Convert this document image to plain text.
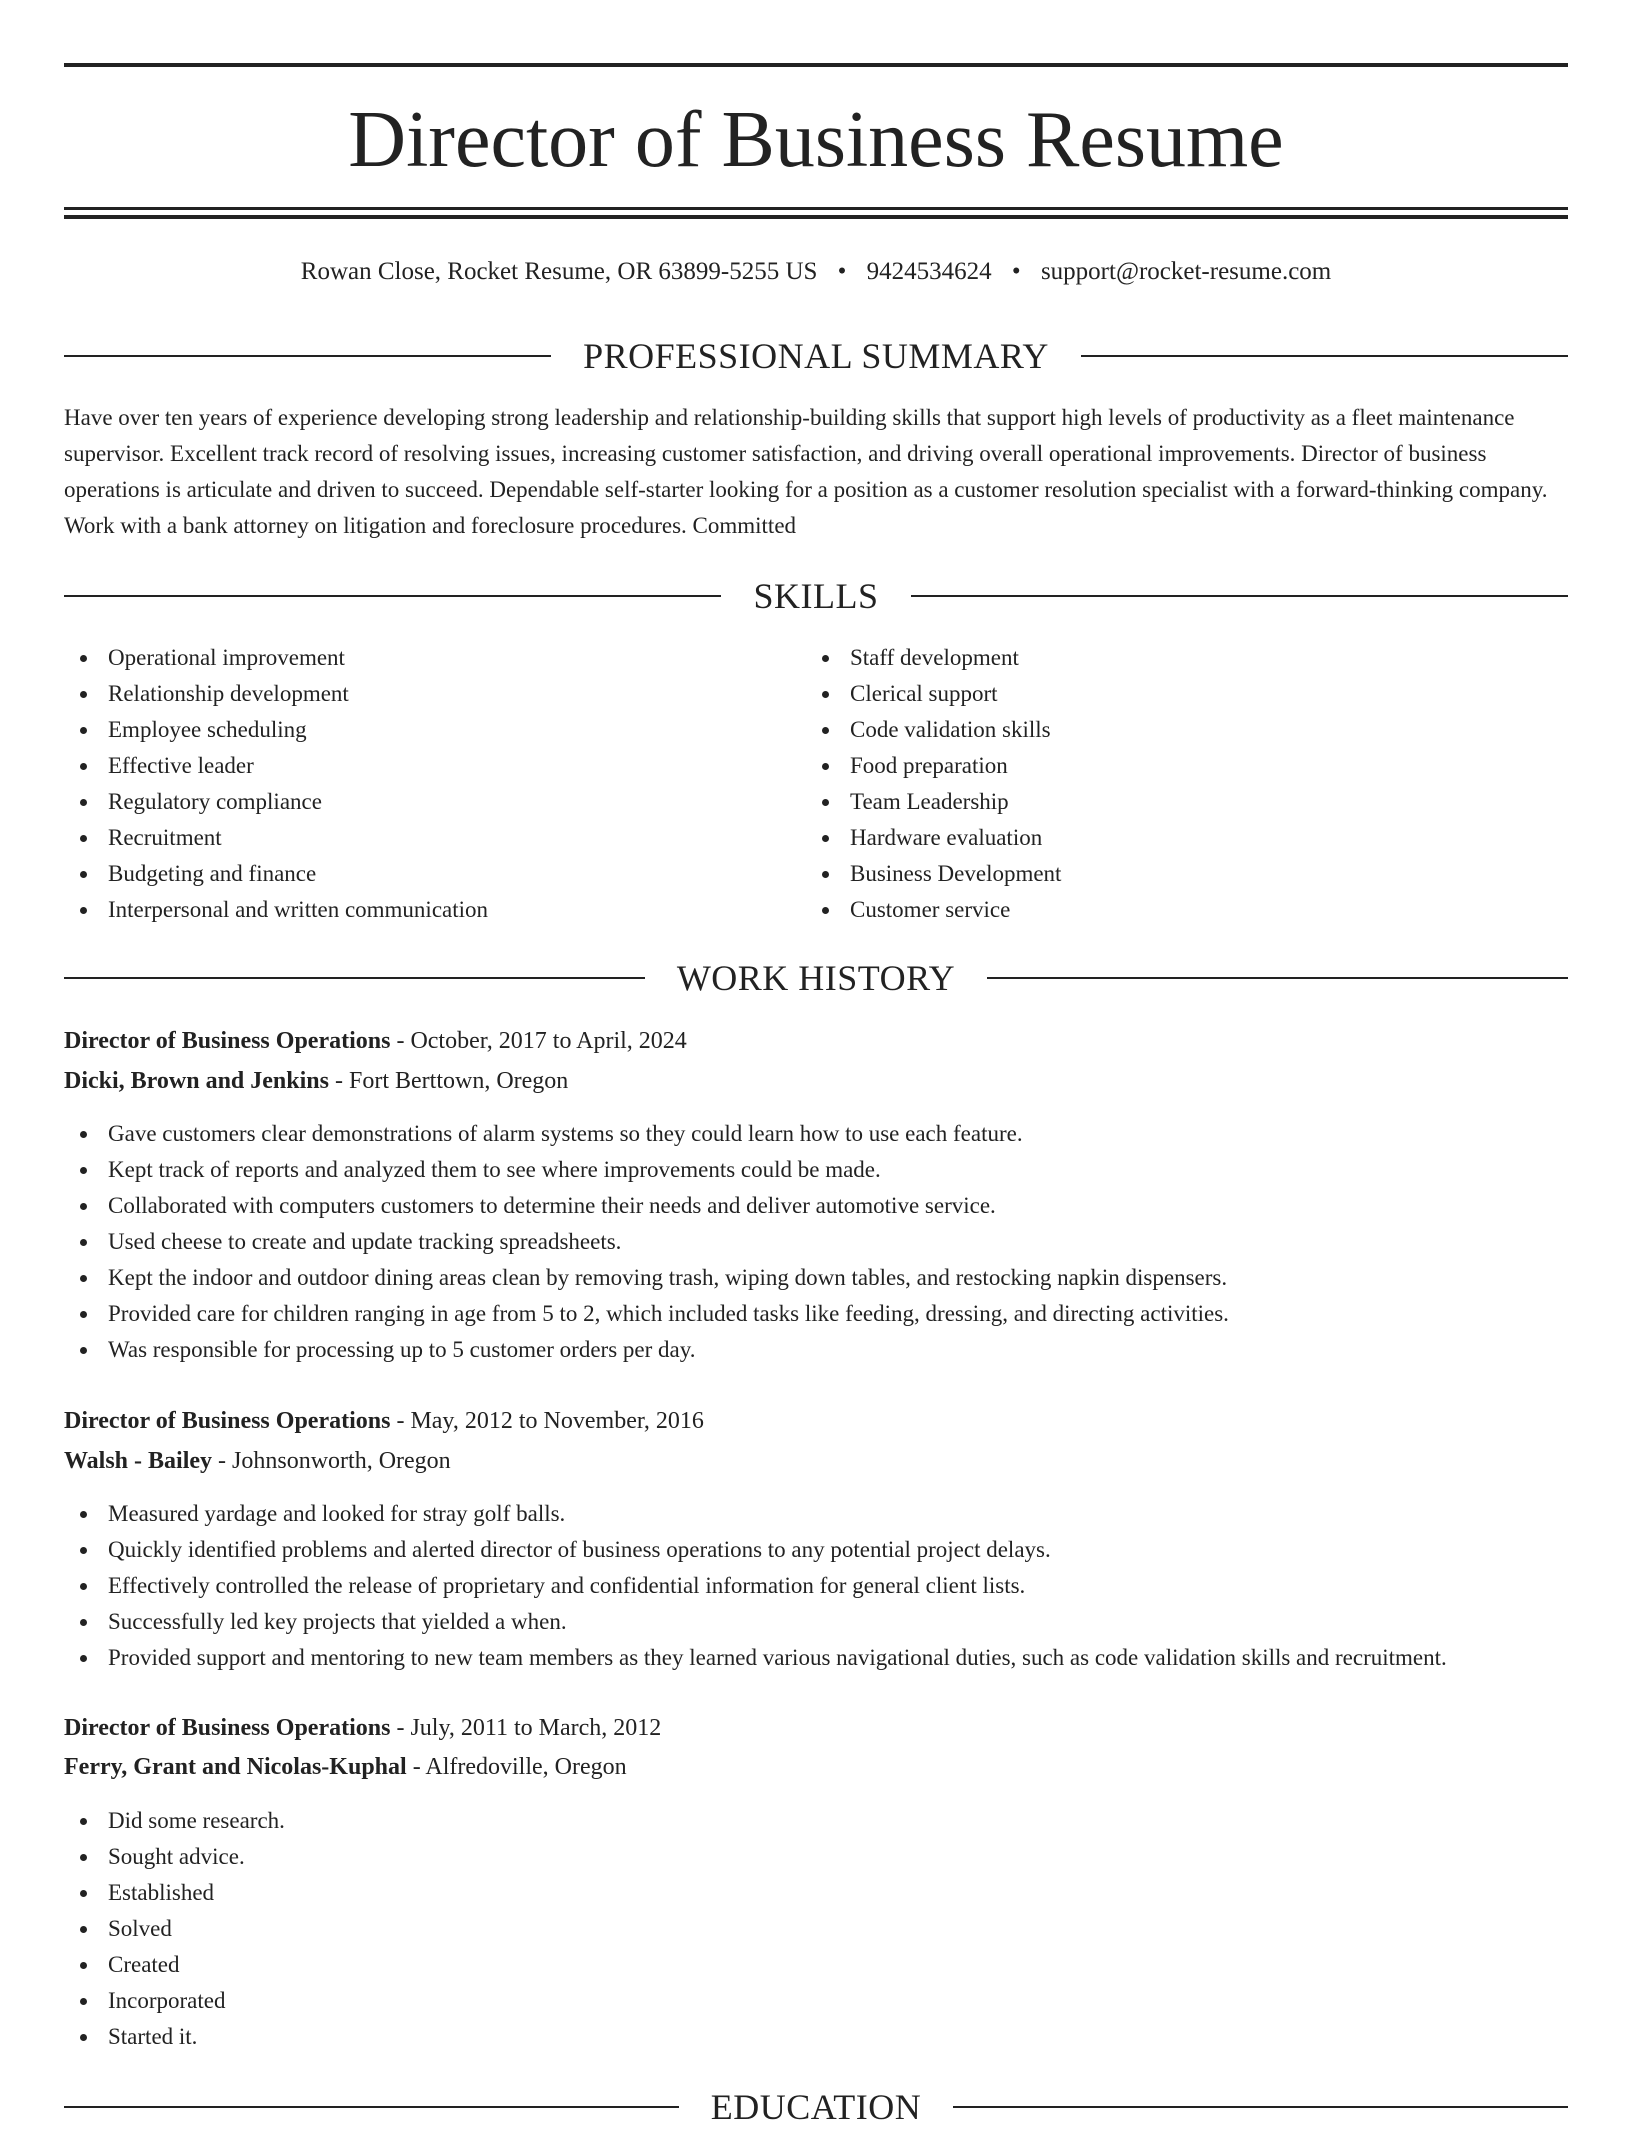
Director of Business Resume
Rowan Close, Rocket Resume, OR 63899-5255 US • 9424534624 • support@rocket-resume.com
PROFESSIONAL SUMMARY
Have over ten years of experience developing strong leadership and relationship-building skills that support high levels of productivity as a fleet maintenance supervisor. Excellent track record of resolving issues, increasing customer satisfaction, and driving overall operational improvements. Director of business operations is articulate and driven to succeed. Dependable self-starter looking for a position as a customer resolution specialist with a forward-thinking company. Work with a bank attorney on litigation and foreclosure procedures. Committed
SKILLS
Operational improvement
Relationship development
Employee scheduling
Effective leader
Regulatory compliance
Recruitment
Budgeting and finance
Interpersonal and written communication
Staff development
Clerical support
Code validation skills
Food preparation
Team Leadership
Hardware evaluation
Business Development
Customer service
WORK HISTORY
Director of Business Operations - October, 2017 to April, 2024
Dicki, Brown and Jenkins - Fort Berttown, Oregon
Gave customers clear demonstrations of alarm systems so they could learn how to use each feature.
Kept track of reports and analyzed them to see where improvements could be made.
Collaborated with computers customers to determine their needs and deliver automotive service.
Used cheese to create and update tracking spreadsheets.
Kept the indoor and outdoor dining areas clean by removing trash, wiping down tables, and restocking napkin dispensers.
Provided care for children ranging in age from 5 to 2, which included tasks like feeding, dressing, and directing activities.
Was responsible for processing up to 5 customer orders per day.
Director of Business Operations - May, 2012 to November, 2016
Walsh - Bailey - Johnsonworth, Oregon
Measured yardage and looked for stray golf balls.
Quickly identified problems and alerted director of business operations to any potential project delays.
Effectively controlled the release of proprietary and confidential information for general client lists.
Successfully led key projects that yielded a when.
Provided support and mentoring to new team members as they learned various navigational duties, such as code validation skills and recruitment.
Director of Business Operations - July, 2011 to March, 2012
Ferry, Grant and Nicolas-Kuphal - Alfredoville, Oregon
Did some research.
Sought advice.
Established
Solved
Created
Incorporated
Started it.
EDUCATION
